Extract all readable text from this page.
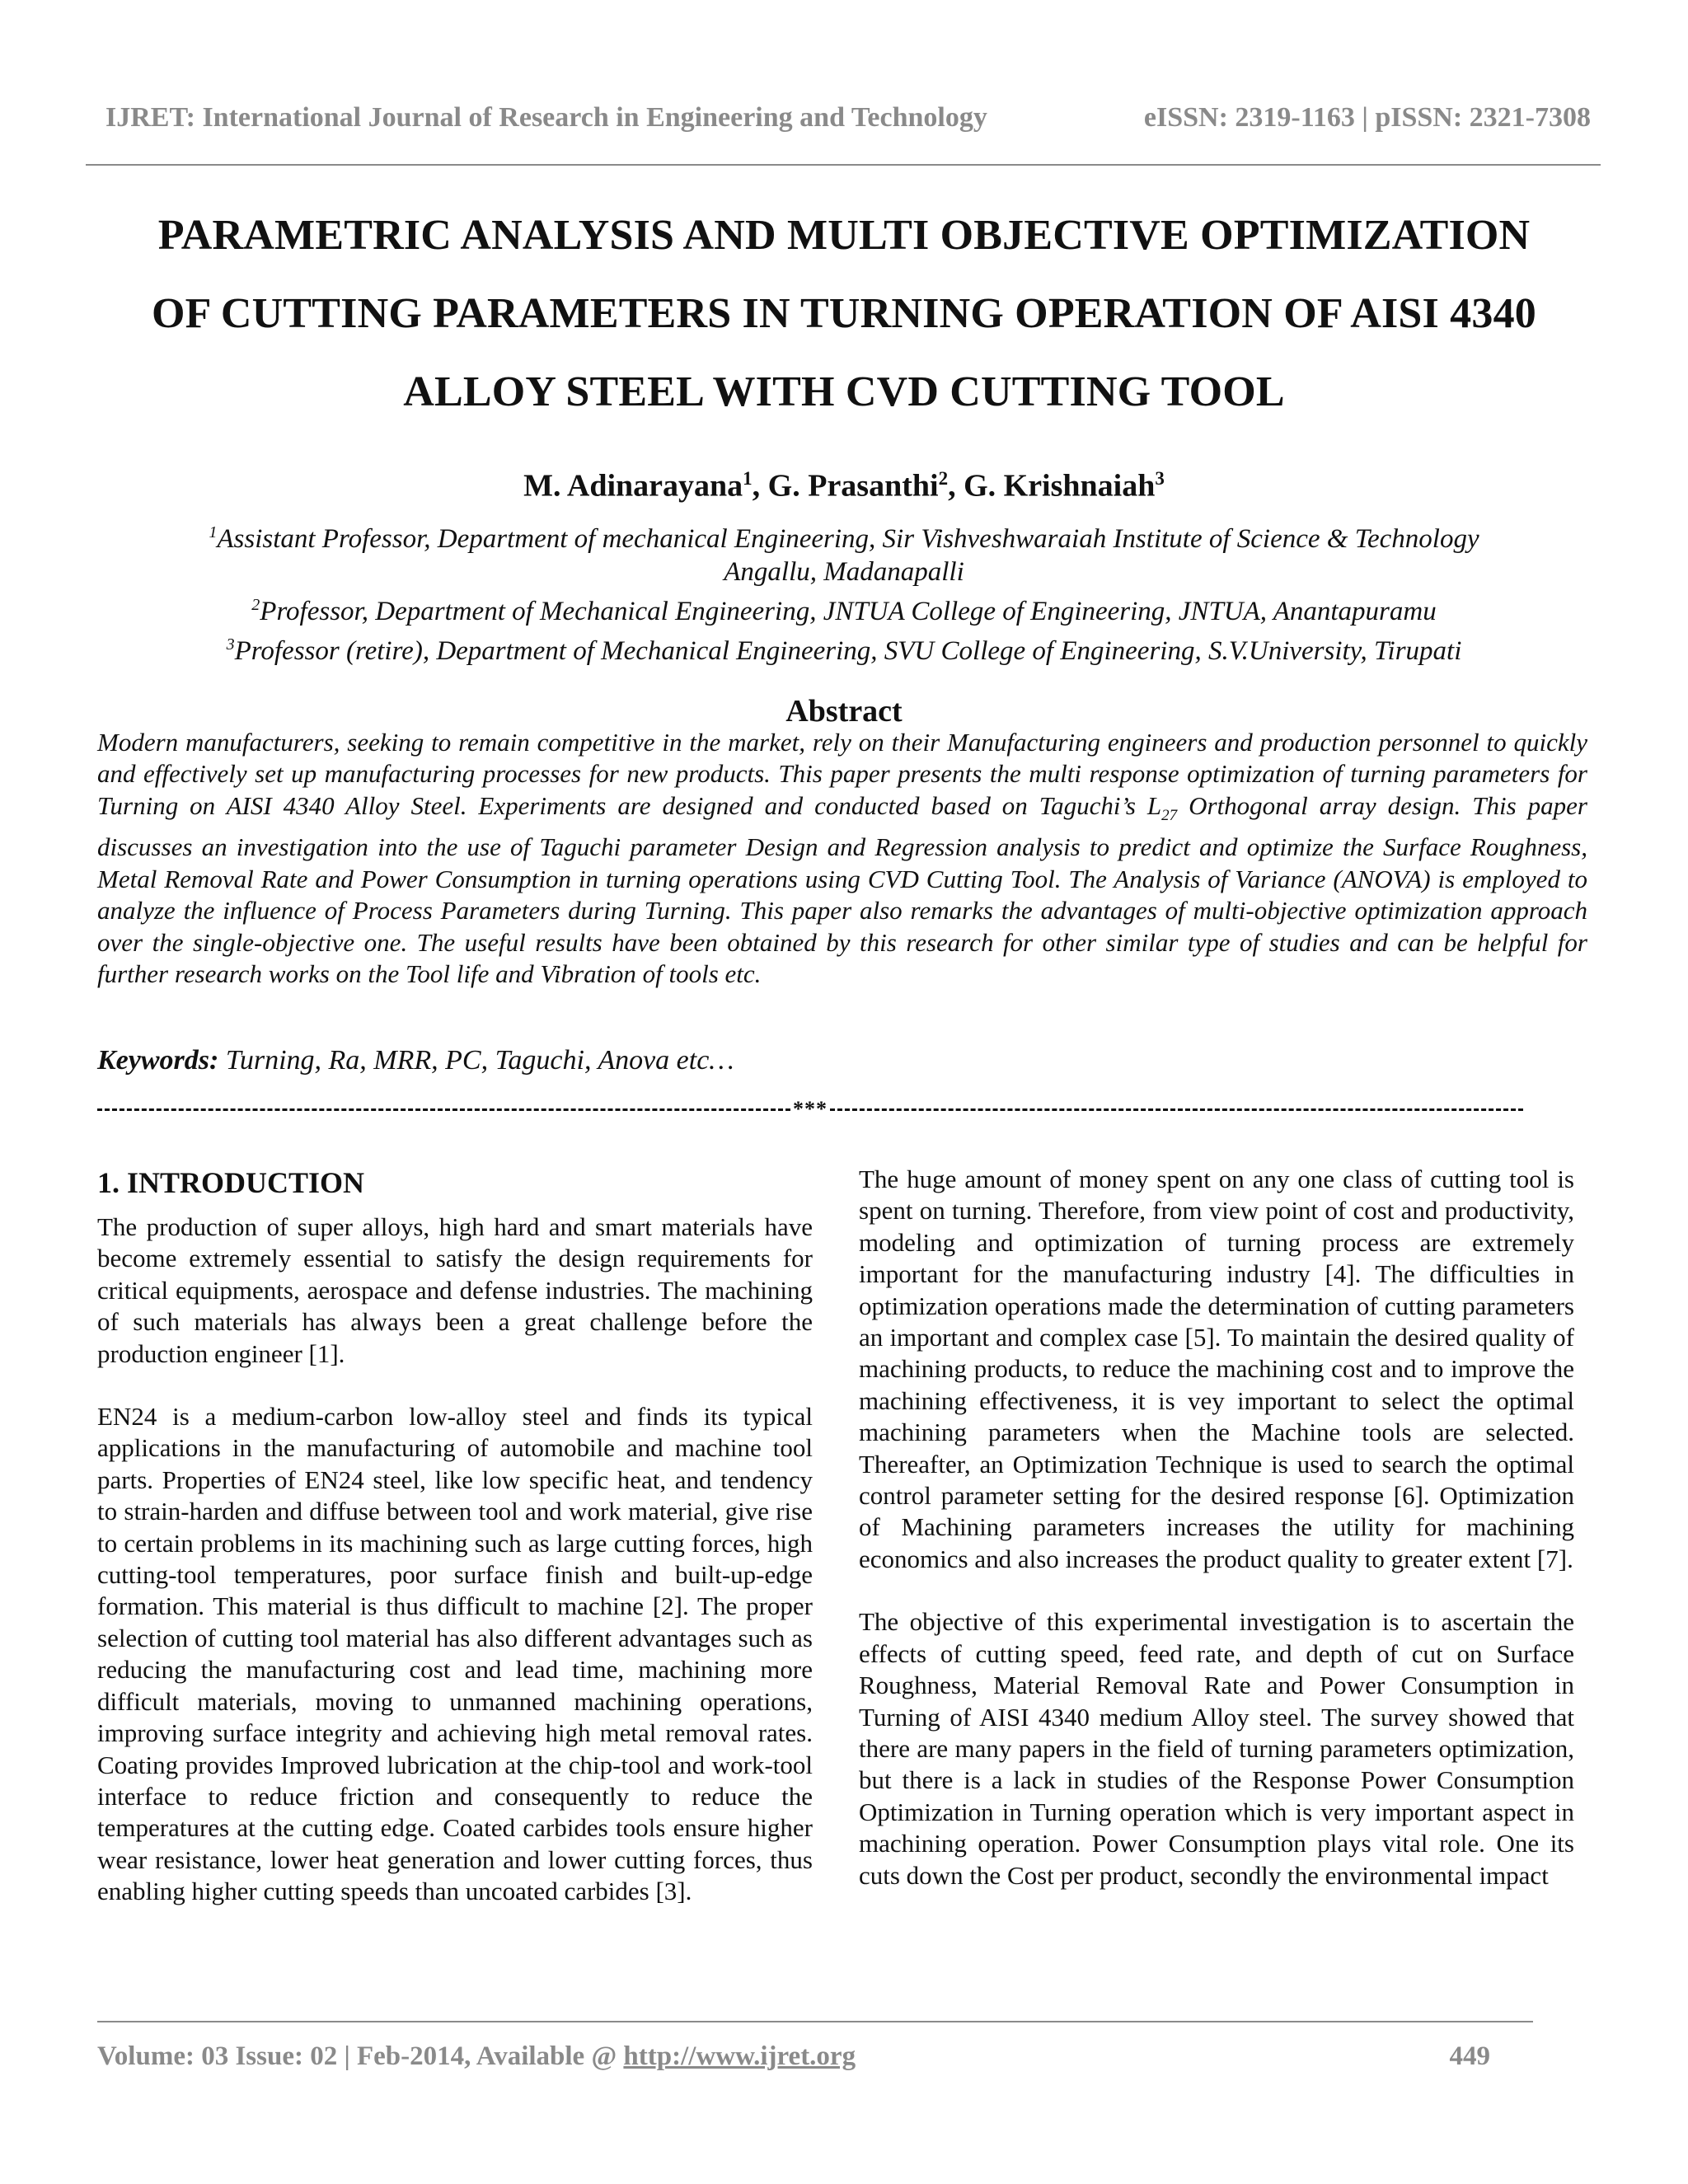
IJRET: International Journal of Research in Engineering and Technology	eISSN: 2319-1163 | pISSN: 2321-7308
PARAMETRIC ANALYSIS AND MULTI OBJECTIVE OPTIMIZATION
OF CUTTING PARAMETERS IN TURNING OPERATION OF AISI 4340
ALLOY STEEL WITH CVD CUTTING TOOL
M. Adinarayana$^1$, G. Prasanthi$^2$, G. Krishnaiah$^3$
$^1$Assistant Professor, Department of mechanical Engineering, Sir Vishveshwaraiah Institute of Science & Technology
Angallu, Madanapalli
$^2$Professor, Department of Mechanical Engineering, JNTUA College of Engineering, JNTUA, Anantapuramu
$^3$Professor (retire), Department of Mechanical Engineering, SVU College of Engineering, S.V.University, Tirupati
Abstract
Modern manufacturers, seeking to remain competitive in the market, rely on their Manufacturing engineers and production personnel to quickly and effectively set up manufacturing processes for new products. This paper presents the multi response optimization of turning parameters for Turning on AISI 4340 Alloy Steel. Experiments are designed and conducted based on Taguchi’s $L_{27}$ Orthogonal array design. This paper discusses an investigation into the use of Taguchi parameter Design and Regression analysis to predict and optimize the Surface Roughness, Metal Removal Rate and Power Consumption in turning operations using CVD Cutting Tool. The Analysis of Variance (ANOVA) is employed to analyze the influence of Process Parameters during Turning. This paper also remarks the advantages of multi-objective optimization approach over the single-objective one. The useful results have been obtained by this research for other similar type of studies and can be helpful for further research works on the Tool life and Vibration of tools etc.
Keywords: Turning, Ra, MRR, PC, Taguchi, Anova etc…
***
1. INTRODUCTION

The production of super alloys, high hard and smart materials have become extremely essential to satisfy the design requirements for critical equipments, aerospace and defense industries. The machining of such materials has always been a great challenge before the production engineer [1].

EN24 is a medium-carbon low-alloy steel and finds its typical applications in the manufacturing of automobile and machine tool parts. Properties of EN24 steel, like low specific heat, and tendency to strain-harden and diffuse between tool and work material, give rise to certain problems in its machining such as large cutting forces, high cutting-tool temperatures, poor surface finish and built-up-edge formation. This material is thus difficult to machine [2]. The proper selection of cutting tool material has also different advantages such as reducing the manufacturing cost and lead time, machining more difficult materials, moving to unmanned machining operations, improving surface integrity and achieving high metal removal rates. Coating provides Improved lubrication at the chip-tool and work-tool interface to reduce friction and consequently to reduce the temperatures at the cutting edge. Coated carbides tools ensure higher wear resistance, lower heat generation and lower cutting forces, thus enabling higher cutting speeds than uncoated carbides [3].

The huge amount of money spent on any one class of cutting tool is spent on turning. Therefore, from view point of cost and productivity, modeling and optimization of turning process are extremely important for the manufacturing industry [4]. The difficulties in optimization operations made the determination of cutting parameters an important and complex case [5]. To maintain the desired quality of machining products, to reduce the machining cost and to improve the machining effectiveness, it is vey important to select the optimal machining parameters when the Machine tools are selected. Thereafter, an Optimization Technique is used to search the optimal control parameter setting for the desired response [6]. Optimization of Machining parameters increases the utility for machining economics and also increases the product quality to greater extent [7].

The objective of this experimental investigation is to ascertain the effects of cutting speed, feed rate, and depth of cut on Surface Roughness, Material Removal Rate and Power Consumption in Turning of AISI 4340 medium Alloy steel. The survey showed that there are many papers in the field of turning parameters optimization, but there is a lack in studies of the Response Power Consumption Optimization in Turning operation which is very important aspect in machining operation. Power Consumption plays vital role. One its cuts down the Cost per product, secondly the environmental impact

Volume: 03 Issue: 02 | Feb-2014, Available @ http://www.ijret.org	449
